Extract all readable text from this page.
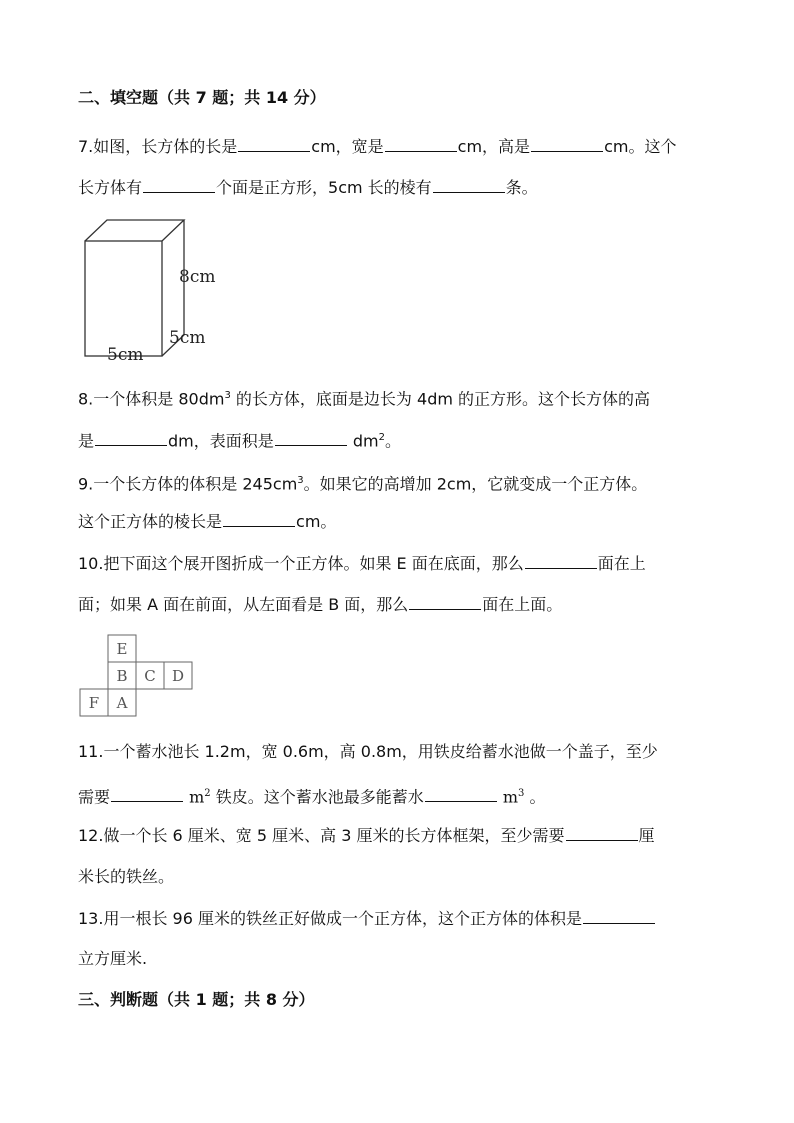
二、填空题（共 7 题；共 14 分）
7.如图，长方体的长是	cm，宽是	cm，高是	cm。这个
长方体有	个面是正方形，5cm 长的棱有	条。
8cm
5cm
5cm
8.一个体积是 $80dm^3$ 的长方体，底面是边长为 4dm 的正方形。这个长方体的高
是	dm，表面积是	$dm^2$。
9.一个长方体的体积是 $245cm^3$。如果它的高增加 2cm，它就变成一个正方体。
这个正方体的棱长是	cm。
10.把下面这个展开图折成一个正方体。如果 E 面在底面，那么	面在上
面；如果 A 面在前面，从左面看是 B 面，那么	面在上面。
E
B C D
F A
11.一个蓄水池长 1.2m，宽 0.6m，高 0.8m，用铁皮给蓄水池做一个盖子，至少
需要	$m^2$ 铁皮。这个蓄水池最多能蓄水	$m^3$ 。
12.做一个长 6 厘米、宽 5 厘米、高 3 厘米的长方体框架，至少需要	厘
米长的铁丝。
13.用一根长 96 厘米的铁丝正好做成一个正方体，这个正方体的体积是
立方厘米.
三、判断题（共 1 题；共 8 分）
